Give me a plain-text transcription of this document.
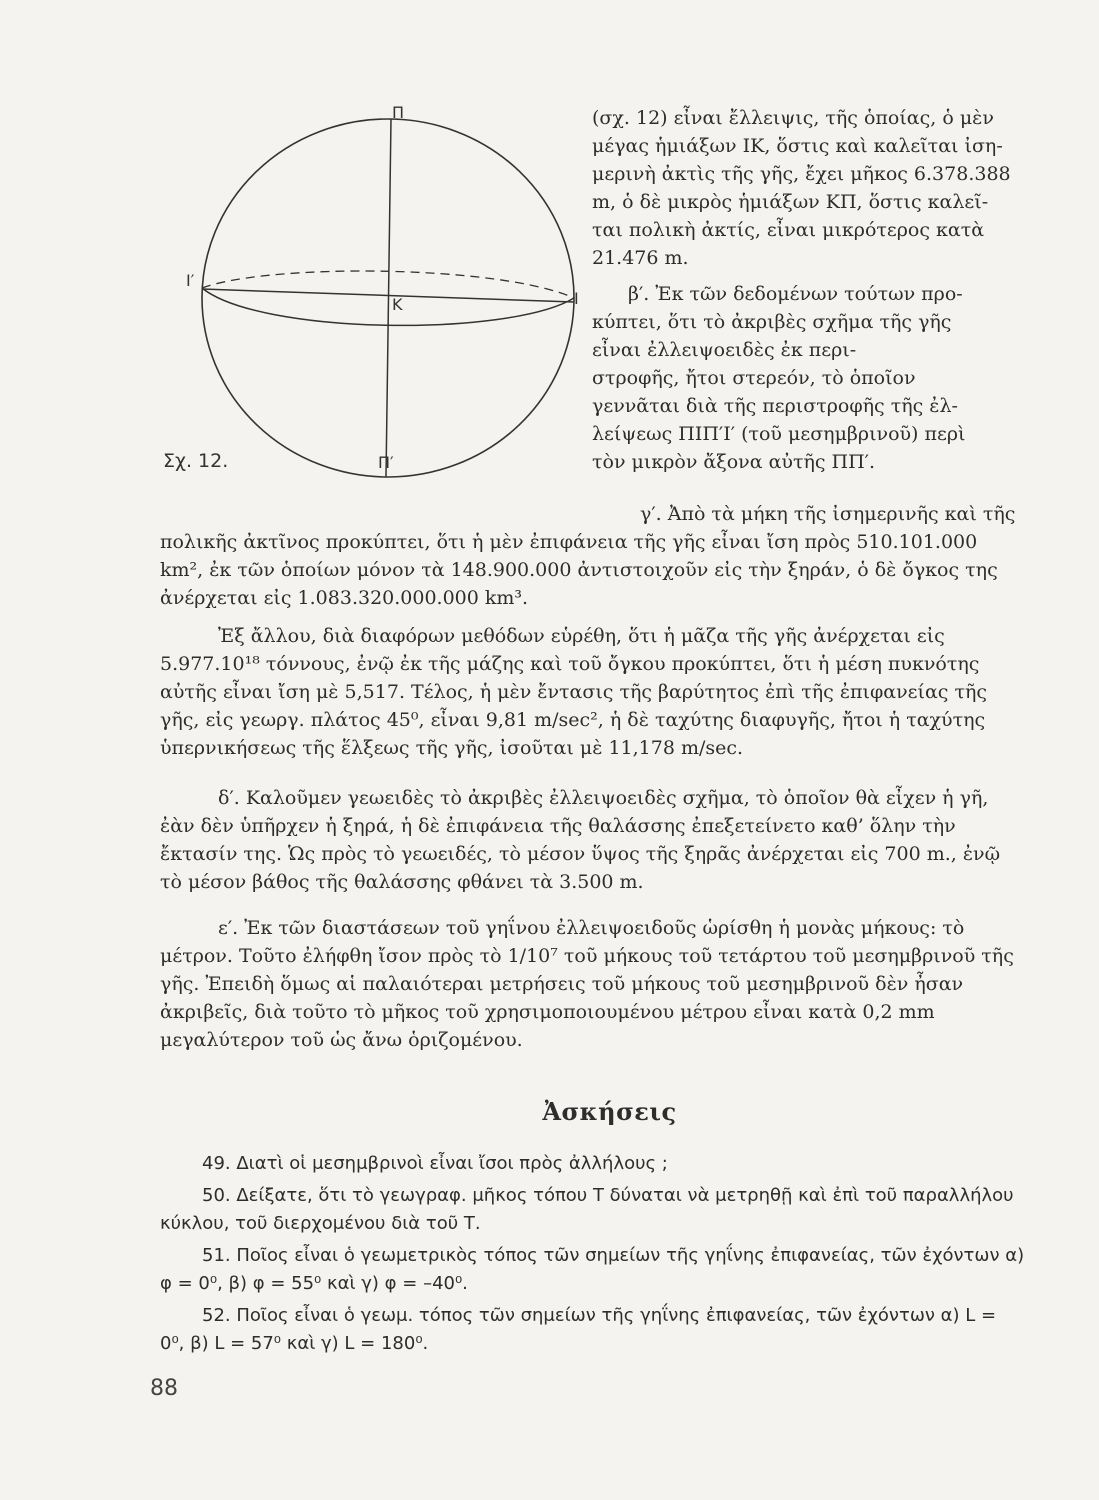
Π
Π′
Ι′
Ι
Κ
Σχ. 12.
(σχ. 12) εἶναι ἔλλειψις, τῆς ὁποίας, ὁ μὲν
μέγας ἡμιάξων ΙΚ, ὅστις καὶ καλεῖται ἰση-
μερινὴ ἀκτὶς τῆς γῆς, ἔχει μῆκος 6.378.388
m, ὁ δὲ μικρὸς ἡμιάξων ΚΠ, ὅστις καλεῖ-
ται πολικὴ ἀκτίς, εἶναι μικρότερος κατὰ
21.476 m.
β′. Ἐκ τῶν δεδομένων τούτων προ-
κύπτει, ὅτι τὸ ἀκριβὲς σχῆμα τῆς γῆς
εἶναι ἐλλειψοειδὲς ἐκ περι-
στροφῆς, ἤτοι στερεόν, τὸ ὁποῖον
γεννᾶται διὰ τῆς περιστροφῆς τῆς ἐλ-
λείψεως ΠΙΠ′Ι′ (τοῦ μεσημβρινοῦ) περὶ
τὸν μικρὸν ἄξονα αὐτῆς ΠΠ′.

γ′. Ἀπὸ τὰ μήκη τῆς ἰσημερινῆς καὶ τῆς πολικῆς ἀκτῖνος προκύπτει, ὅτι ἡ μὲν ἐπιφάνεια τῆς γῆς εἶναι ἴση πρὸς 510.101.000 km², ἐκ τῶν ὁποίων μόνον τὰ 148.900.000 ἀντιστοιχοῦν εἰς τὴν ξηράν, ὁ δὲ ὄγκος της ἀνέρχεται εἰς 1.083.320.000.000 km³.

Ἐξ ἄλλου, διὰ διαφόρων μεθόδων εὑρέθη, ὅτι ἡ μᾶζα τῆς γῆς ἀνέρχεται εἰς 5.977.10¹⁸ τόννους, ἐνῷ ἐκ τῆς μάζης καὶ τοῦ ὄγκου προκύπτει, ὅτι ἡ μέση πυκνότης αὐτῆς εἶναι ἴση μὲ 5,517. Τέλος, ἡ μὲν ἔντασις τῆς βαρύτητος ἐπὶ τῆς ἐπιφανείας τῆς γῆς, εἰς γεωργ. πλάτος 45⁰, εἶναι 9,81 m/sec², ἡ δὲ ταχύτης διαφυγῆς, ἤτοι ἡ ταχύτης ὑπερνικήσεως τῆς ἕλξεως τῆς γῆς, ἰσοῦται μὲ 11,178 m/sec.

δ′. Καλοῦμεν γεωειδὲς τὸ ἀκριβὲς ἐλλειψοειδὲς σχῆμα, τὸ ὁποῖον θὰ εἶχεν ἡ γῆ, ἐὰν δὲν ὑπῆρχεν ἡ ξηρά, ἡ δὲ ἐπιφάνεια τῆς θαλάσσης ἐπεξετείνετο καθ’ ὅλην τὴν ἔκτασίν της. Ὡς πρὸς τὸ γεωειδές, τὸ μέσον ὕψος τῆς ξηρᾶς ἀνέρχεται εἰς 700 m., ἐνῷ τὸ μέσον βάθος τῆς θαλάσσης φθάνει τὰ 3.500 m.

ε′. Ἐκ τῶν διαστάσεων τοῦ γηΐνου ἐλλειψοειδοῦς ὡρίσθη ἡ μονὰς μήκους: τὸ μέτρον. Τοῦτο ἐλήφθη ἴσον πρὸς τὸ 1/10⁷ τοῦ μήκους τοῦ τετάρτου τοῦ μεσημβρινοῦ τῆς γῆς. Ἐπειδὴ ὅμως αἱ παλαιότεραι μετρήσεις τοῦ μήκους τοῦ μεσημβρινοῦ δὲν ἦσαν ἀκριβεῖς, διὰ τοῦτο τὸ μῆκος τοῦ χρησιμοποιουμένου μέτρου εἶναι κατὰ 0,2 mm μεγαλύτερον τοῦ ὡς ἄνω ὁριζομένου.

Ἀσκήσεις
49. Διατὶ οἱ μεσημβρινοὶ εἶναι ἴσοι πρὸς ἀλλήλους ;
50. Δείξατε, ὅτι τὸ γεωγραφ. μῆκος τόπου Τ δύναται νὰ μετρηθῇ καὶ ἐπὶ τοῦ παραλλήλου κύκλου, τοῦ διερχομένου διὰ τοῦ Τ.
51. Ποῖος εἶναι ὁ γεωμετρικὸς τόπος τῶν σημείων τῆς γηΐνης ἐπιφανείας, τῶν ἐχόντων α) φ = 0⁰, β) φ = 55⁰ καὶ γ) φ = –40⁰.
52. Ποῖος εἶναι ὁ γεωμ. τόπος τῶν σημείων τῆς γηΐνης ἐπιφανείας, τῶν ἐχόντων α) L = 0⁰, β) L = 57⁰ καὶ γ) L = 180⁰.
88
